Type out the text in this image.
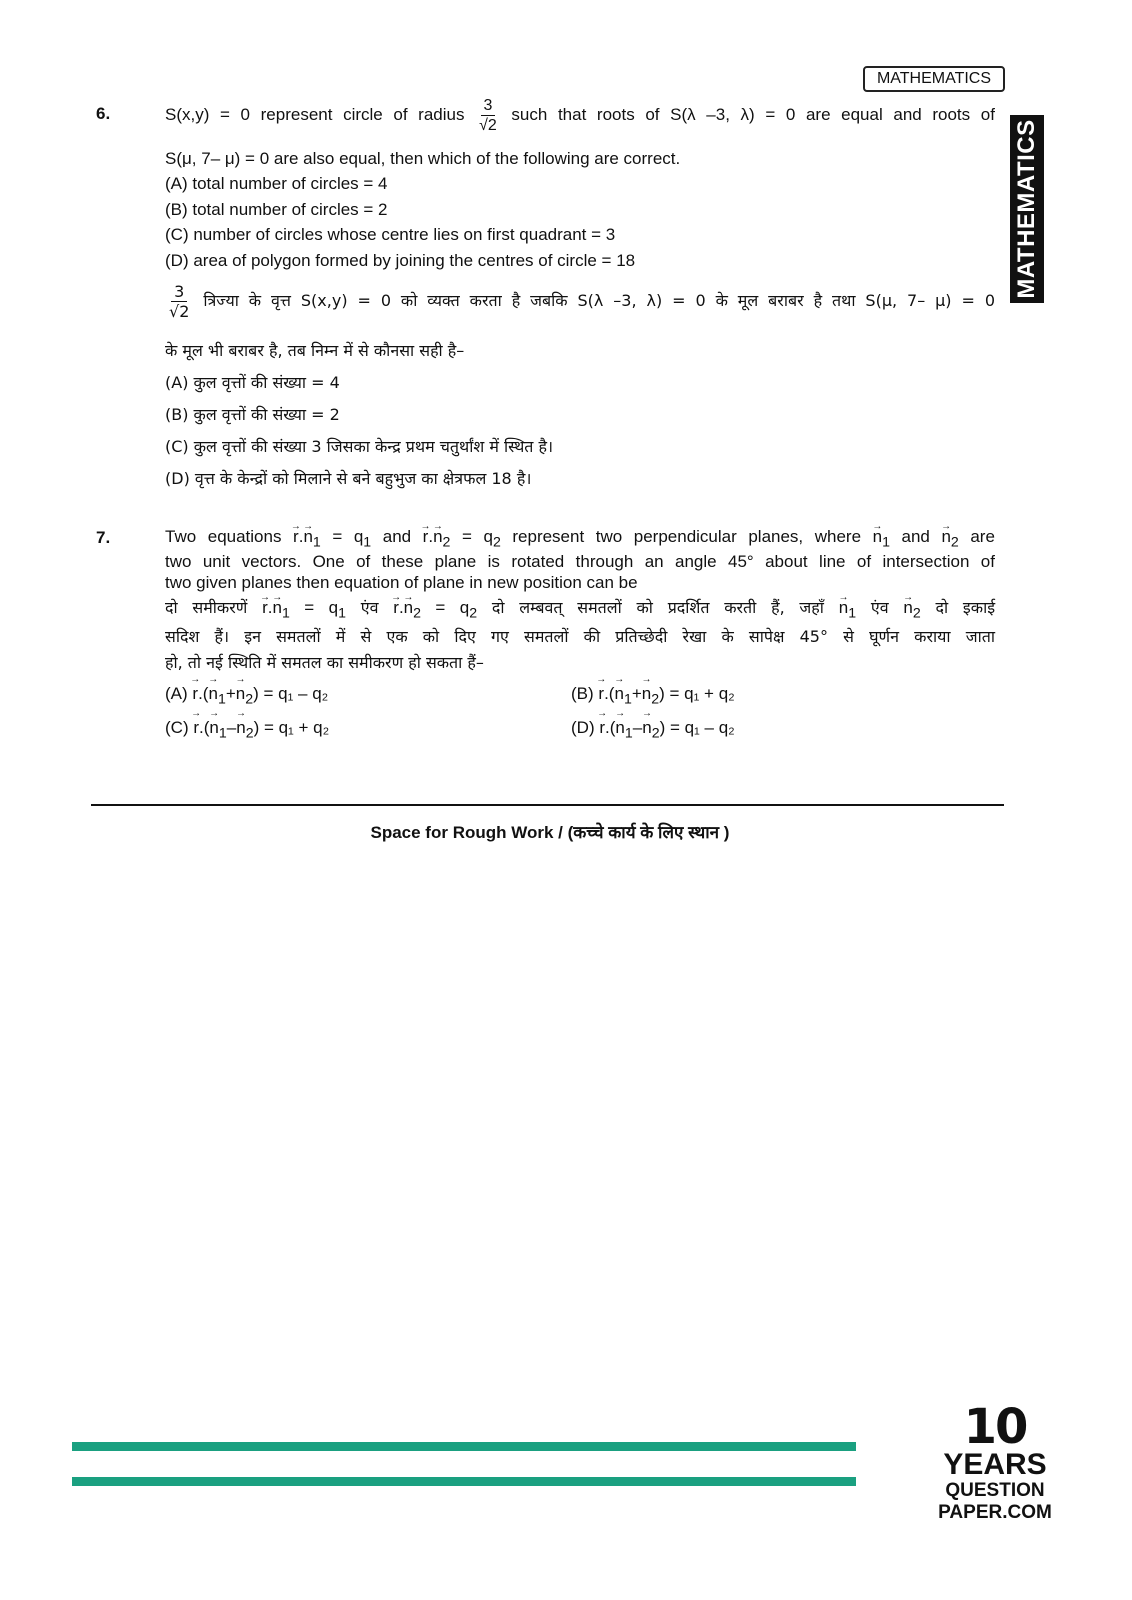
MATHEMATICS
MATHEMATICS
6.	S(x,y) = 0 represent circle of radius $\frac{3}{√2}$ such that roots of S(λ –3, λ) = 0 are equal and roots of
S(μ, 7– μ) = 0 are also equal, then which of the following are correct.
(A) total number of circles = 4
(B) total number of circles = 2
(C) number of circles whose centre lies on first quadrant = 3
(D) area of polygon formed by joining the centres of circle = 18
$\frac{3}{√2}$ त्रिज्या के वृत्त S(x,y) = 0 को व्यक्त करता है जबकि S(λ –3, λ) = 0 के मूल बराबर है तथा S(μ, 7– μ) = 0
के मूल भी बराबर है, तब निम्न में से कौनसा सही है–
(A) कुल वृत्तों की संख्या = 4
(B) कुल वृत्तों की संख्या = 2
(C) कुल वृत्तों की संख्या 3 जिसका केन्द्र प्रथम चतुर्थांश में स्थित है।
(D) वृत्त के केन्द्रों को मिलाने से बने बहुभुज का क्षेत्रफल 18 है।
7.	Two equations → $r.\to n_1 = q_1$ and → $r.\to n_2 = q_2$ represent two perpendicular planes, where → $n_1$ and → $n_2$ are
two unit vectors. One of these plane is rotated through an angle 45° about line of intersection of
two given planes then equation of plane in new position can be
दो समीकरणें → $r.\to n_1 = q_1$ एंव → $r.\to n_2 = q_2$ दो लम्बवत् समतलों को प्रदर्शित करती हैं, जहाँ → $n_1$ एंव → $n_2$ दो इकाई
सदिश हैं। इन समतलों में से एक को दिए गए समतलों की प्रतिच्छेदी रेखा के सापेक्ष 45° से घूर्णन कराया जाता
हो, तो नई स्थिति में समतल का समीकरण हो सकता हैं–
$(A) \to r.(\to n_1+\to n_2) = q_1 - q_2$	$(B) \to r.(\to n_1+\to n_2) = q_1 + q_2$
$(C) \to r.(\to n_1-\to n_2) = q_1 + q_2$	$(D) \to r.(\to n_1-\to n_2) = q_1 - q_2$
Space for Rough Work / (कच्चे कार्य के लिए स्थान )
10
YEARS
QUESTION PAPER.COM
